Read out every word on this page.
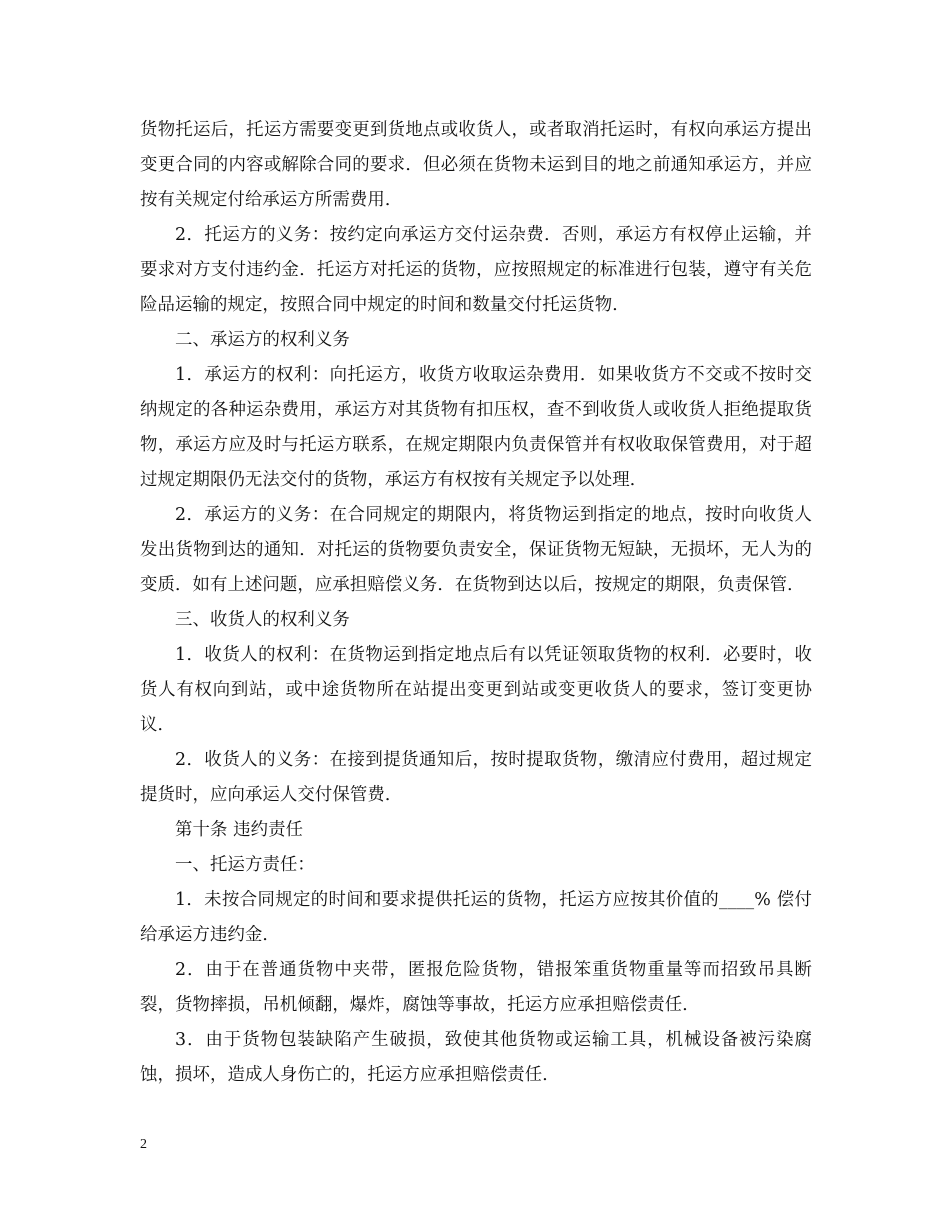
货物托运后，托运方需要变更到货地点或收货人，或者取消托运时，有权向承运方提出变更合同的内容或解除合同的要求．但必须在货物未运到目的地之前通知承运方，并应按有关规定付给承运方所需费用．

2．托运方的义务：按约定向承运方交付运杂费．否则，承运方有权停止运输，并要求对方支付违约金．托运方对托运的货物，应按照规定的标准进行包装，遵守有关危险品运输的规定，按照合同中规定的时间和数量交付托运货物．

二、承运方的权利义务

1．承运方的权利：向托运方，收货方收取运杂费用．如果收货方不交或不按时交纳规定的各种运杂费用，承运方对其货物有扣压权，查不到收货人或收货人拒绝提取货物，承运方应及时与托运方联系，在规定期限内负责保管并有权收取保管费用，对于超过规定期限仍无法交付的货物，承运方有权按有关规定予以处理．

2．承运方的义务：在合同规定的期限内，将货物运到指定的地点，按时向收货人发出货物到达的通知．对托运的货物要负责安全，保证货物无短缺，无损坏，无人为的变质．如有上述问题，应承担赔偿义务．在货物到达以后，按规定的期限，负责保管．

三、收货人的权利义务

1．收货人的权利：在货物运到指定地点后有以凭证领取货物的权利．必要时，收货人有权向到站，或中途货物所在站提出变更到站或变更收货人的要求，签订变更协议．

2．收货人的义务：在接到提货通知后，按时提取货物，缴清应付费用，超过规定提货时，应向承运人交付保管费．

第十条 违约责任

一、托运方责任：

1．未按合同规定的时间和要求提供托运的货物，托运方应按其价值的____% 偿付给承运方违约金．

2．由于在普通货物中夹带，匿报危险货物，错报笨重货物重量等而招致吊具断裂，货物摔损，吊机倾翻，爆炸，腐蚀等事故，托运方应承担赔偿责任．

3．由于货物包装缺陷产生破损，致使其他货物或运输工具，机械设备被污染腐蚀，损坏，造成人身伤亡的，托运方应承担赔偿责任．

2
